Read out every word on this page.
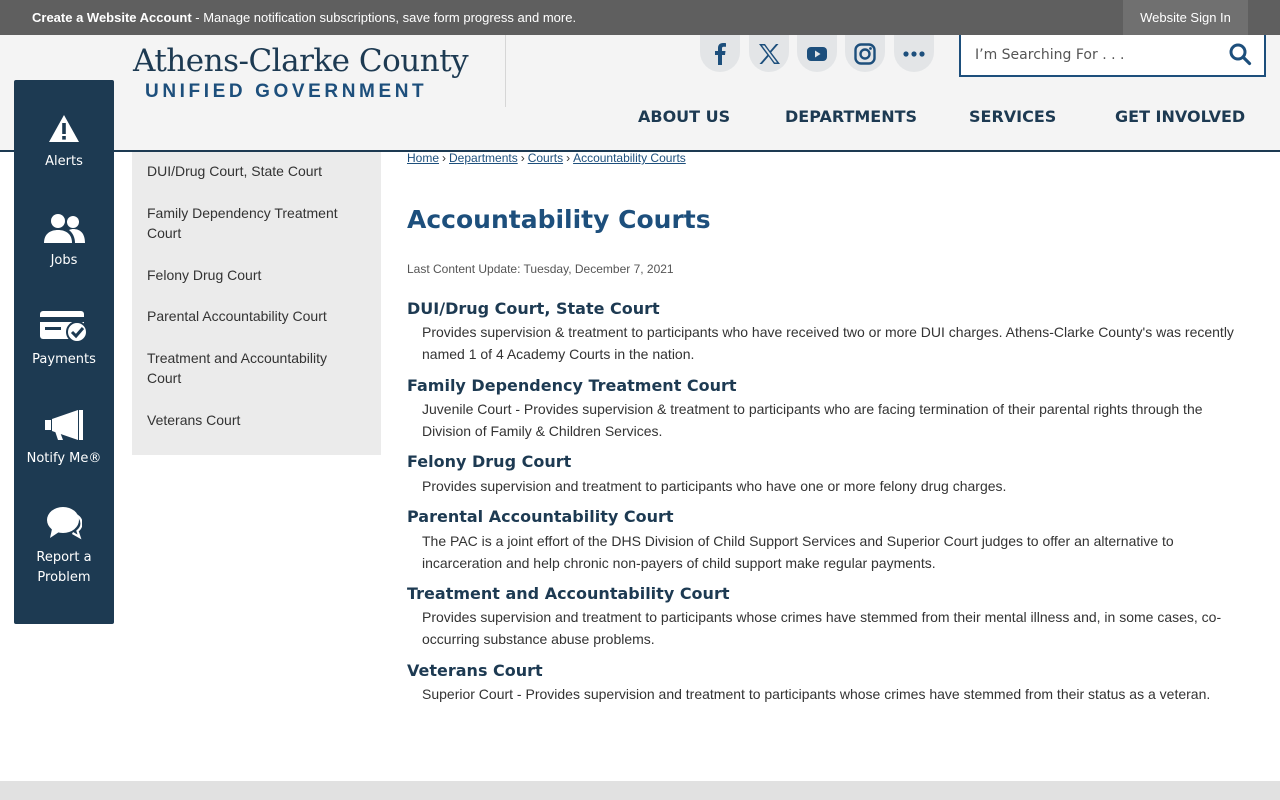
Create a Website Account - Manage notification subscriptions, save form progress and more.	Website Sign In
Athens-Clarke County
UNIFIED GOVERNMENT
I’m Searching For . . .
ABOUT US	DEPARTMENTS	SERVICES	GET INVOLVED
Alerts
Jobs
Payments
Notify Me®
Report a Problem
DUI/Drug Court, State Court
Family Dependency Treatment Court
Felony Drug Court
Parental Accountability Court
Treatment and Accountability Court
Veterans Court
Home › Departments › Courts › Accountability Courts
Accountability Courts
Last Content Update: Tuesday, December 7, 2021
DUI/Drug Court, State Court
Provides supervision & treatment to participants who have received two or more DUI charges. Athens-Clarke County's was recently named 1 of 4 Academy Courts in the nation.
Family Dependency Treatment Court
Juvenile Court - Provides supervision & treatment to participants who are facing termination of their parental rights through the Division of Family & Children Services.
Felony Drug Court
Provides supervision and treatment to participants who have one or more felony drug charges.
Parental Accountability Court
The PAC is a joint effort of the DHS Division of Child Support Services and Superior Court judges to offer an alternative to incarceration and help chronic non-payers of child support make regular payments.
Treatment and Accountability Court
Provides supervision and treatment to participants whose crimes have stemmed from their mental illness and, in some cases, co-occurring substance abuse problems.
Veterans Court
Superior Court - Provides supervision and treatment to participants whose crimes have stemmed from their status as a veteran.
